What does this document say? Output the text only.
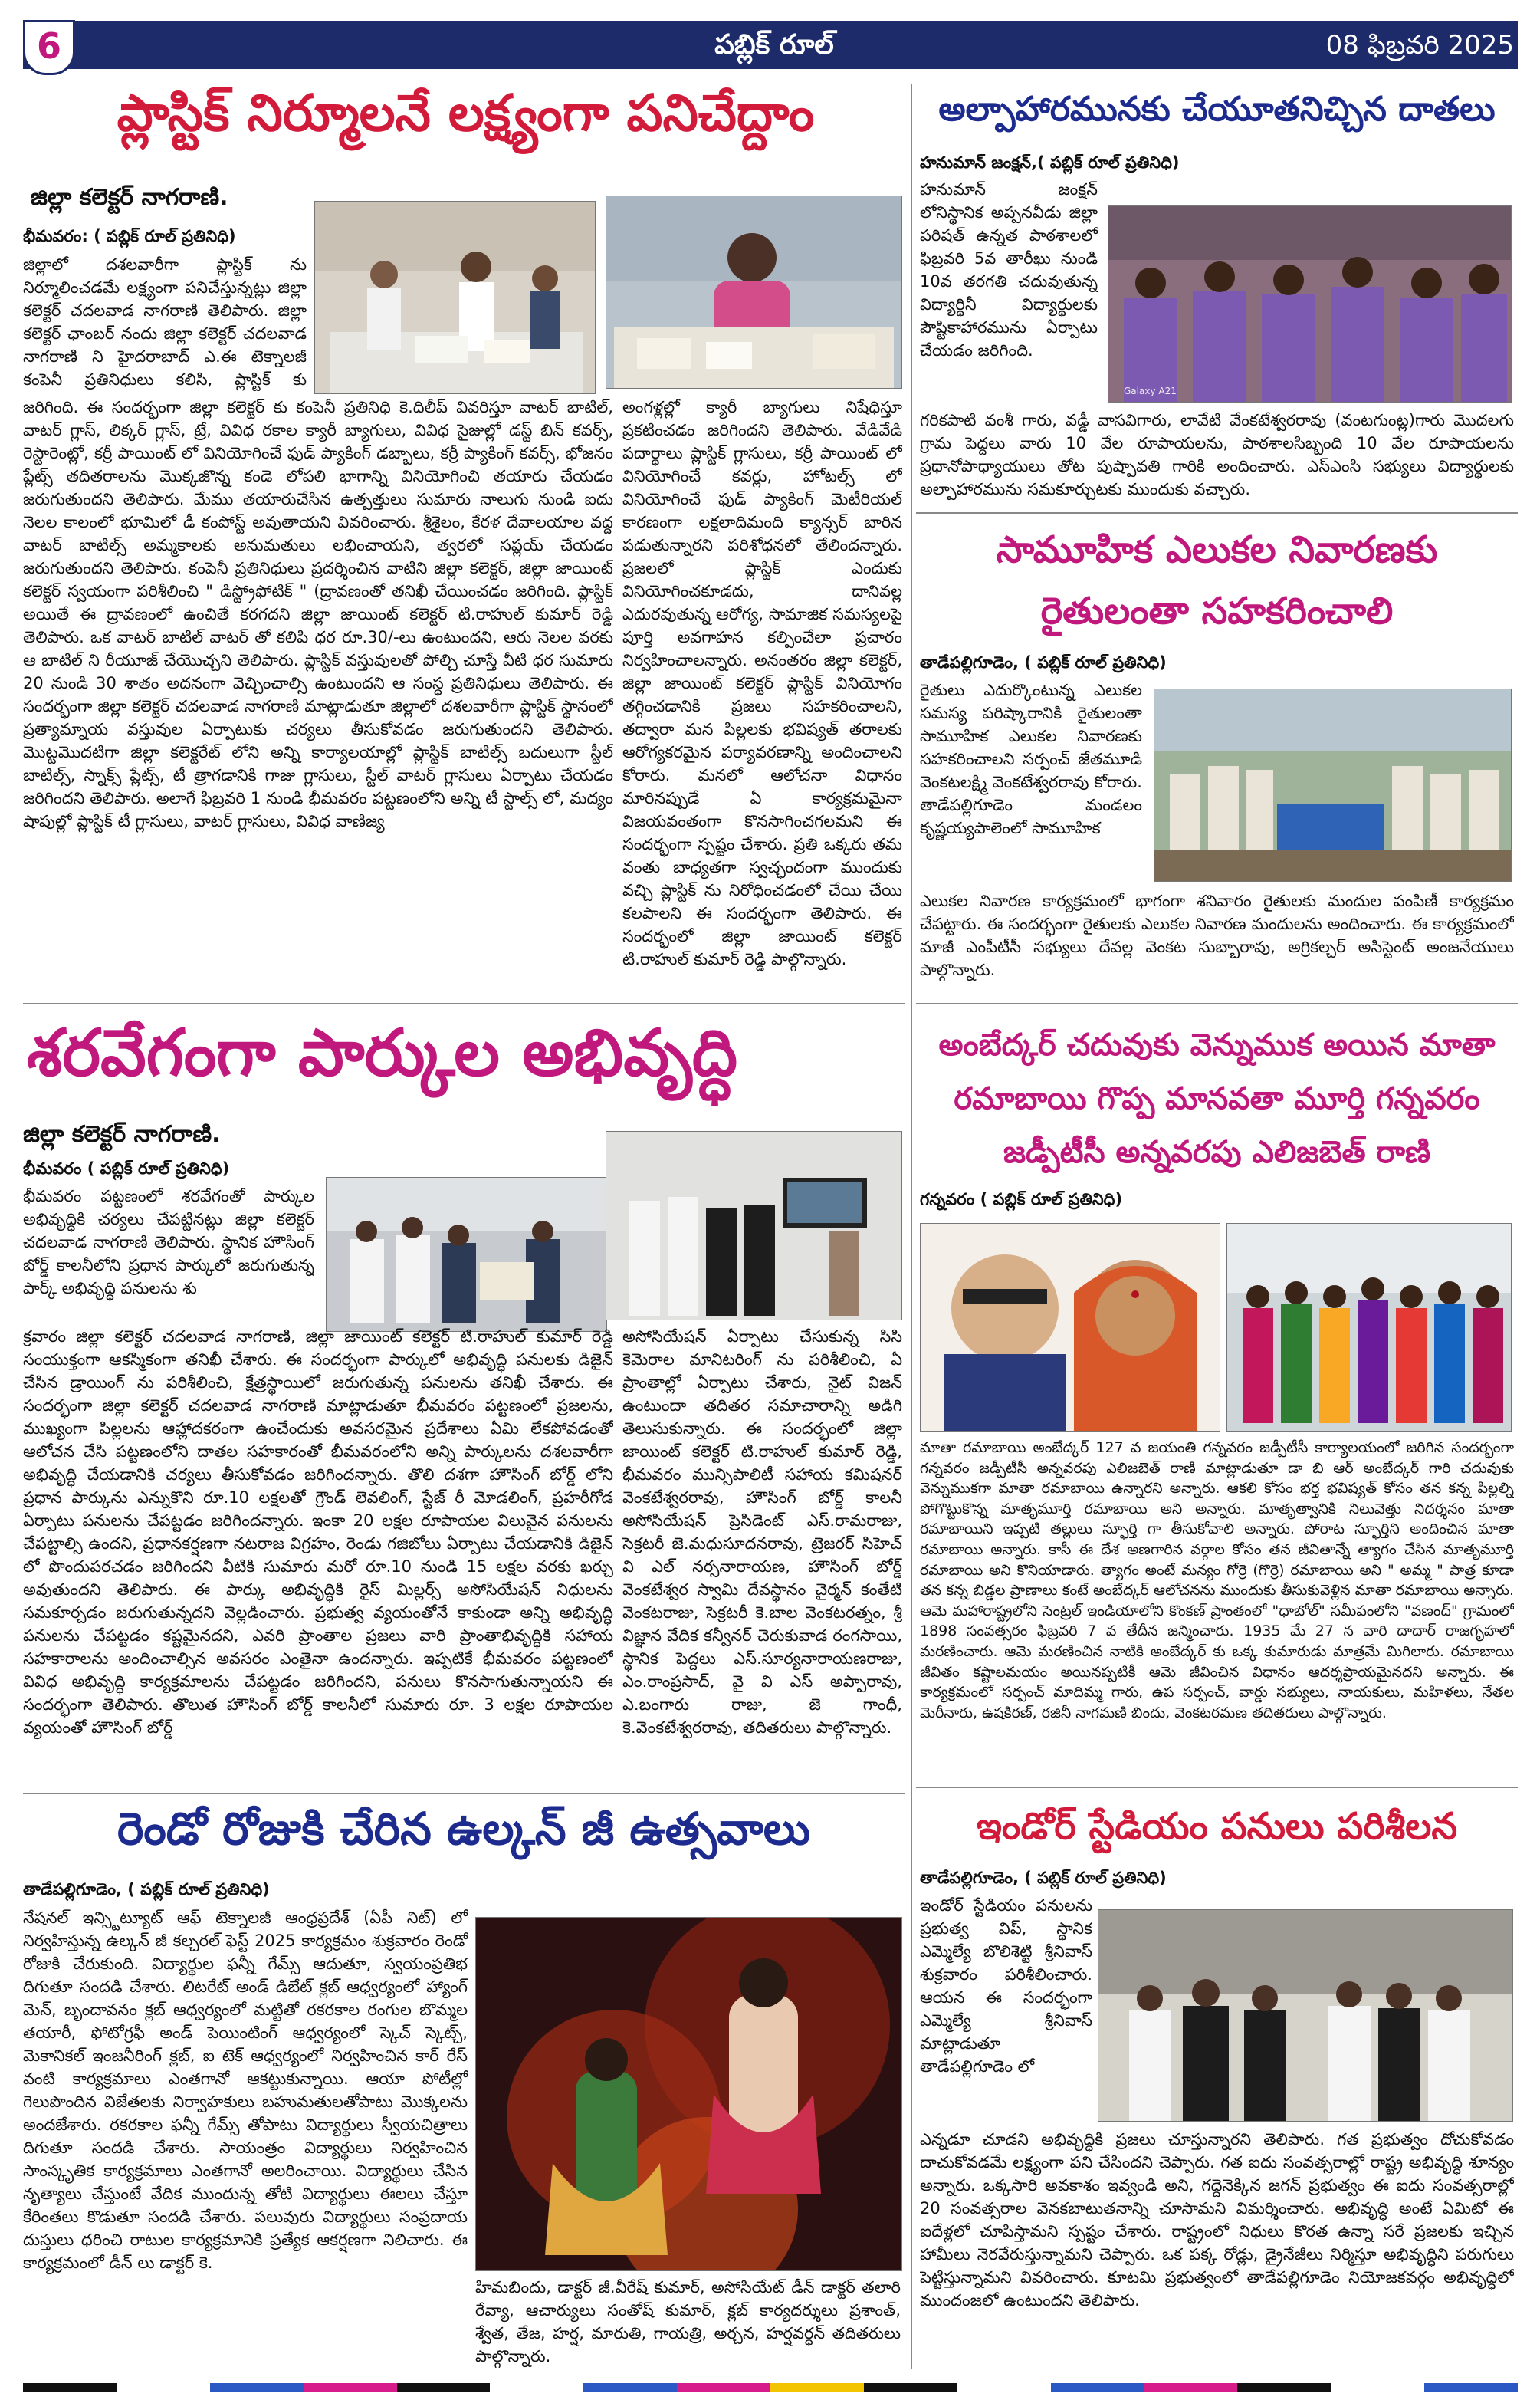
6	పబ్లిక్ రూల్	08 ఫిబ్రవరి 2025
ప్లాస్టిక్ నిర్మూలనే లక్ష్యంగా పనిచేద్దాం
జిల్లా కలెక్టర్ నాగరాణి.
భీమవరం: ( పబ్లిక్ రూల్ ప్రతినిధి)
జిల్లాలో దశలవారీగా ప్లాస్టిక్ ను నిర్మూలించడమే లక్ష్యంగా పనిచేస్తున్నట్లు జిల్లా కలెక్టర్ చదలవాడ నాగరాణి తెలిపారు. జిల్లా కలెక్టర్ ఛాంబర్ నందు జిల్లా కలెక్టర్ చదలవాడ నాగరాణి ని హైదరాబాద్ ఎ.ఈ టెక్నాలజీ కంపెనీ ప్రతినిధులు కలిసి, ప్లాస్టిక్ కు
జరిగింది. ఈ సందర్భంగా జిల్లా కలెక్టర్ కు కంపెనీ ప్రతినిధి కె.దిలీప్ వివరిస్తూ వాటర్ బాటిల్, వాటర్ గ్లాస్, లిక్కర్ గ్లాస్, ట్రే, వివిధ రకాల క్యారీ బ్యాగులు, వివిధ సైజుల్లో డస్ట్ బిన్ కవర్స్, రెస్టారెంట్లో, కర్రీ పాయింట్ లో వినియోగించే ఫుడ్ ప్యాకింగ్ డబ్బాలు, కర్రీ ప్యాకింగ్ కవర్స్, భోజనం ప్లేట్స్ తదితరాలను మొక్కజొన్న కండె లోపలి భాగాన్ని వినియోగించి తయారు చేయడం జరుగుతుందని తెలిపారు. మేము తయారుచేసిన ఉత్పత్తులు సుమారు నాలుగు నుండి ఐదు నెలల కాలంలో భూమిలో డీ కంపోస్ట్ అవుతాయని వివరించారు. శ్రీశైలం, కేరళ దేవాలయాల వద్ద వాటర్ బాటిల్స్ అమ్మకాలకు అనుమతులు లభించాయని, త్వరలో సప్లయ్ చేయడం జరుగుతుందని తెలిపారు. కంపెనీ ప్రతినిధులు ప్రదర్శించిన వాటిని జిల్లా కలెక్టర్, జిల్లా జాయింట్ కలెక్టర్ స్వయంగా పరిశీలించి " డిస్ట్రోఫోటిక్ " (ద్రావణంతో తనిఖీ చేయించడం జరిగింది. ప్లాస్టిక్ అయితే ఈ ద్రావణంలో ఉంచితే కరగదని జిల్లా జాయింట్ కలెక్టర్ టి.రాహుల్ కుమార్ రెడ్డి తెలిపారు. ఒక వాటర్ బాటిల్ వాటర్ తో కలిపి ధర రూ.30/-లు ఉంటుందని, ఆరు నెలల వరకు ఆ బాటిల్ ని రీయూజ్ చేయొచ్చని తెలిపారు. ప్లాస్టిక్ వస్తువులతో పోల్చి చూస్తే వీటి ధర సుమారు 20 నుండి 30 శాతం అదనంగా వెచ్చించాల్సి ఉంటుందని ఆ సంస్థ ప్రతినిధులు తెలిపారు. ఈ సందర్భంగా జిల్లా కలెక్టర్ చదలవాడ నాగరాణి మాట్లాడుతూ జిల్లాలో దశలవారీగా ప్లాస్టిక్ స్థానంలో ప్రత్యామ్నాయ వస్తువుల ఏర్పాటుకు చర్యలు తీసుకోవడం జరుగుతుందని తెలిపారు. మొట్టమొదటిగా జిల్లా కలెక్టరేట్ లోని అన్ని కార్యాలయాల్లో ప్లాస్టిక్ బాటిల్స్ బదులుగా స్టీల్ బాటిల్స్, స్నాక్స్ ప్లేట్స్, టీ త్రాగడానికి గాజు గ్లాసులు, స్టీల్ వాటర్ గ్లాసులు ఏర్పాటు చేయడం జరిగిందని తెలిపారు. అలాగే ఫిబ్రవరి 1 నుండి భీమవరం పట్టణంలోని అన్ని టీ స్టాల్స్ లో, మద్యం షాపుల్లో ప్లాస్టిక్ టీ గ్లాసులు, వాటర్ గ్లాసులు, వివిధ వాణిజ్య
అంగళ్లల్లో క్యారీ బ్యాగులు నిషేధిస్తూ ప్రకటించడం జరిగిందని తెలిపారు. వేడివేడి పదార్థాలు ప్లాస్టిక్ గ్లాసులు, కర్రీ పాయింట్ లో వినియోగించే కవర్లు, హోటల్స్ లో వినియోగించే ఫుడ్ ప్యాకింగ్ మెటీరియల్ కారణంగా లక్షలాదిమంది క్యాన్సర్ బారిన పడుతున్నారని పరిశోధనలో తేలిందన్నారు. ప్రజలలో ప్లాస్టిక్ ఎందుకు వినియోగించకూడదు, దానివల్ల ఎదురవుతున్న ఆరోగ్య, సామాజిక సమస్యలపై పూర్తి అవగాహన కల్పించేలా ప్రచారం నిర్వహించాలన్నారు. అనంతరం జిల్లా కలెక్టర్, జిల్లా జాయింట్ కలెక్టర్ ప్లాస్టిక్ వినియోగం తగ్గించడానికి ప్రజలు సహకరించాలని, తద్వారా మన పిల్లలకు భవిష్యత్ తరాలకు ఆరోగ్యకరమైన పర్యావరణాన్ని అందించాలని కోరారు. మనలో ఆలోచనా విధానం మారినప్పుడే ఏ కార్యక్రమమైనా విజయవంతంగా కొనసాగించగలమని ఈ సందర్భంగా స్పష్టం చేశారు. ప్రతి ఒక్కరు తమ వంతు బాధ్యతగా స్వచ్ఛందంగా ముందుకు వచ్చి ప్లాస్టిక్ ను నిరోధించడంలో చేయి చేయి కలపాలని ఈ సందర్భంగా తెలిపారు. ఈ సందర్భంలో జిల్లా జాయింట్ కలెక్టర్ టి.రాహుల్ కుమార్ రెడ్డి పాల్గొన్నారు.
అల్పాహారమునకు చేయూతనిచ్చిన దాతలు
హనుమాన్ జంక్షన్,( పబ్లిక్ రూల్ ప్రతినిధి)
హనుమాన్ జంక్షన్ లోనిస్థానిక అప్పనవీడు జిల్లా పరిషత్ ఉన్నత పాఠశాలలో ఫిబ్రవరి 5వ తారీఖు నుండి 10వ తరగతి చదువుతున్న విద్యార్థినీ విద్యార్థులకు పౌష్టికాహారమును ఏర్పాటు చేయడం జరిగింది.
Galaxy A21
గరికపాటి వంశీ గారు, వడ్డీ వాసవిగారు, లావేటి వేంకటేశ్వరరావు (వంటగుంట్ల)గారు మొదలగు గ్రామ పెద్దలు వారు 10 వేల రూపాయలను, పాఠశాలసిబ్బంది 10 వేల రూపాయలను ప్రధానోపాధ్యాయులు తోట పుష్పావతి గారికి అందించారు. ఎస్ఎంసి సభ్యులు విద్యార్థులకు అల్పాహారమును సమకూర్చుటకు ముందుకు వచ్చారు.
సామూహిక ఎలుకల నివారణకు
రైతులంతా సహకరించాలి
తాడేపల్లిగూడెం, ( పబ్లిక్ రూల్ ప్రతినిధి)
రైతులు ఎదుర్కొంటున్న ఎలుకల సమస్య పరిష్కారానికి రైతులంతా సామూహిక ఎలుకల నివారణకు సహకరించాలని సర్పంచ్ జేతమూడి వెంకటలక్ష్మి వెంకటేశ్వరరావు కోరారు. తాడేపల్లిగూడెం మండలం కృష్ణయ్యపాలెంలో సామూహిక
ఎలుకల నివారణ కార్యక్రమంలో భాగంగా శనివారం రైతులకు మందుల పంపిణీ కార్యక్రమం చేపట్టారు. ఈ సందర్భంగా రైతులకు ఎలుకల నివారణ మందులను అందించారు. ఈ కార్యక్రమంలో మాజీ ఎంపీటీసీ సభ్యులు దేవల్ల వెంకట సుబ్బారావు, అగ్రికల్చర్ అసిస్టెంట్ అంజనేయులు పాల్గొన్నారు.
శరవేగంగా పార్కుల అభివృద్ధి
జిల్లా కలెక్టర్ నాగరాణి.
భీమవరం ( పబ్లిక్ రూల్ ప్రతినిధి)
భీమవరం పట్టణంలో శరవేగంతో పార్కుల అభివృద్ధికి చర్యలు చేపట్టినట్లు జిల్లా కలెక్టర్ చదలవాడ నాగరాణి తెలిపారు. స్థానిక హౌసింగ్ బోర్డ్ కాలనీలోని ప్రధాన పార్కులో జరుగుతున్న పార్క్ అభివృద్ధి పనులను శు
క్రవారం జిల్లా కలెక్టర్ చదలవాడ నాగరాణి, జిల్లా జాయింట్ కలెక్టర్ టి.రాహుల్ కుమార్ రెడ్డి సంయుక్తంగా ఆకస్మికంగా తనిఖీ చేశారు. ఈ సందర్భంగా పార్కులో అభివృద్ధి పనులకు డిజైన్ చేసిన డ్రాయింగ్ ను పరిశీలించి, క్షేత్రస్థాయిలో జరుగుతున్న పనులను తనిఖీ చేశారు. ఈ సందర్భంగా జిల్లా కలెక్టర్ చదలవాడ నాగరాణి మాట్లాడుతూ భీమవరం పట్టణంలో ప్రజలను, ముఖ్యంగా పిల్లలను ఆహ్లాదకరంగా ఉంచేందుకు అవసరమైన ప్రదేశాలు ఏమి లేకపోవడంతో ఆలోచన చేసి పట్టణంలోని దాతల సహకారంతో భీమవరంలోని అన్ని పార్కులను దశలవారీగా అభివృద్ధి చేయడానికి చర్యలు తీసుకోవడం జరిగిందన్నారు. తొలి దశగా హౌసింగ్ బోర్డ్ లోని ప్రధాన పార్కును ఎన్నుకొని రూ.10 లక్షలతో గ్రౌండ్ లెవలింగ్, స్టేజ్ రీ మోడలింగ్, ప్రహరీగోడ ఏర్పాటు పనులను చేపట్టడం జరిగిందన్నారు. ఇంకా 20 లక్షల రూపాయల విలువైన పనులను చేపట్టాల్సి ఉందని, ప్రధానకర్షణగా నటరాజ విగ్రహం, రెండు గజిబోలు ఏర్పాటు చేయడానికి డిజైన్ లో పొందుపరచడం జరిగిందని వీటికి సుమారు మరో రూ.10 నుండి 15 లక్షల వరకు ఖర్చు అవుతుందని తెలిపారు. ఈ పార్కు అభివృద్ధికి రైస్ మిల్లర్స్ అసోసియేషన్ నిధులను సమకూర్చడం జరుగుతున్నదని వెల్లడించారు. ప్రభుత్వ వ్యయంతోనే కాకుండా అన్ని అభివృద్ధి పనులను చేపట్టడం కష్టమైనదని, ఎవరి ప్రాంతాల ప్రజలు వారి ప్రాంతాభివృద్ధికి సహాయ సహకారాలను అందించాల్సిన అవసరం ఎంతైనా ఉందన్నారు. ఇప్పటికే భీమవరం పట్టణంలో వివిధ అభివృద్ధి కార్యక్రమాలను చేపట్టడం జరిగిందని, పనులు కొనసాగుతున్నాయని ఈ సందర్భంగా తెలిపారు. తొలుత హౌసింగ్ బోర్డ్ కాలనీలో సుమారు రూ. 3 లక్షల రూపాయల వ్యయంతో హౌసింగ్ బోర్డ్
అసోసియేషన్ ఏర్పాటు చేసుకున్న సిసి కెమెరాల మానిటరింగ్ ను పరిశీలించి, ఏ ప్రాంతాల్లో ఏర్పాటు చేశారు, నైట్ విజన్ ఉంటుందా తదితర సమాచారాన్ని అడిగి తెలుసుకున్నారు. ఈ సందర్భంలో జిల్లా జాయింట్ కలెక్టర్ టి.రాహుల్ కుమార్ రెడ్డి, భీమవరం మున్సిపాలిటీ సహాయ కమిషనర్ వెంకటేశ్వరరావు, హౌసింగ్ బోర్డ్ కాలనీ అసోసియేషన్ ప్రెసిడెంట్ ఎస్.రామరాజు, సెక్రటరీ జె.మధుసూదనరావు, ట్రెజరర్ సిహెచ్ వి ఎల్ నర్సనారాయణ, హౌసింగ్ బోర్డ్ వెంకటేశ్వర స్వామి దేవస్థానం చైర్మన్ కంతేటి వెంకటరాజు, సెక్రటరీ కె.బాల వెంకటరత్నం, శ్రీ విజ్ఞాన వేదిక కన్వీనర్ చెరుకువాడ రంగసాయి, స్థానిక పెద్దలు ఎస్.సూర్యనారాయణరాజు, ఎం.రాంప్రసాద్, వై వి ఎస్ అప్పారావు, ఎ.బంగారు రాజు, జె గాంధీ, కె.వెంకటేశ్వరరావు, తదితరులు పాల్గొన్నారు.
అంబేద్కర్ చదువుకు వెన్నుముక అయిన మాతా
రమాబాయి గొప్ప మానవతా మూర్తి గన్నవరం
జడ్పీటీసీ అన్నవరపు ఎలిజబెత్ రాణి
గన్నవరం ( పబ్లిక్ రూల్ ప్రతినిధి)
మాతా రమాబాయి అంబేద్కర్ 127 వ జయంతి గన్నవరం జడ్పీటీసీ కార్యాలయంలో జరిగిన సందర్భంగా గన్నవరం జడ్పీటీసీ అన్నవరపు ఎలిజబెత్ రాణి మాట్లాడుతూ డా బి ఆర్ అంబేద్కర్ గారి చదువుకు వెన్నుముకగా మాతా రమాబాయి ఉన్నారని అన్నారు. ఆకలి కోసం భర్త భవిష్యత్ కోసం తన కన్న పిల్లల్ని పోగొట్టుకొన్న మాతృమూర్తి రమాబాయి అని అన్నారు. మాతృత్వానికి నిలువెత్తు నిదర్శనం మాతా రమాబాయిని ఇప్పటి తల్లులు స్ఫూర్తి గా తీసుకోవాలి అన్నారు. పోరాట స్ఫూర్తిని అందించిన మాతా రమాబాయి అన్నారు. కాసీ ఈ దేశ అణగారిన వర్గాల కోసం తన జీవితాన్నే త్యాగం చేసిన మాతృమూర్తి రమాబాయి అని కొనియాడారు. త్యాగం అంటే మన్యం గోర్రె (గొర్రె) రమాబాయి అని " అమ్మ " పాత్ర కూడా తన కన్న బిడ్డల ప్రాణాలు కంటే అంబేద్కర్ ఆలోచనను ముందుకు తీసుకువెళ్లిన మాతా రమాబాయి అన్నారు. ఆమె మహారాష్ట్రలోని సెంట్రల్ ఇండియాలోని కొంకణ్ ప్రాంతంలో "ధాబోల్" సమీపంలోని "వణంద్" గ్రామంలో 1898 సంవత్సరం ఫిబ్రవరి 7 వ తేదీన జన్మించారు. 1935 మే 27 న వారి దాదార్ రాజగృహలో మరణించారు. ఆమె మరణించిన నాటికి అంబేద్కర్ కు ఒక్క కుమారుడు మాత్రమే మిగిలారు. రమాబాయి జీవితం కష్టాలమయం అయినప్పటికీ ఆమె జీవించిన విధానం ఆదర్శప్రాయమైనదని అన్నారు. ఈ కార్యక్రమంలో సర్పంచ్ మాదిమ్మ గారు, ఉప సర్పంచ్, వార్డు సభ్యులు, నాయకులు, మహిళలు, నేతల మెరీనారు, ఉషకిరణ్, రజినీ నాగమణి బిందు, వెంకటరమణ తదితరులు పాల్గొన్నారు.
రెండో రోజుకి చేరిన ఉల్కన్ జీ ఉత్సవాలు
తాడేపల్లిగూడెం, ( పబ్లిక్ రూల్ ప్రతినిధి)
నేషనల్ ఇన్స్టిట్యూట్ ఆఫ్ టెక్నాలజీ ఆంధ్రప్రదేశ్ (ఏపీ నిట్) లో నిర్వహిస్తున్న ఉల్కన్ జీ కల్చరల్ ఫెస్ట్ 2025 కార్యక్రమం శుక్రవారం రెండో రోజుకి చేరుకుంది. విద్యార్థుల ఫన్నీ గేమ్స్ ఆదుతూ, స్వయంప్రతిభ దిగుతూ సందడి చేశారు. లిటరేట్ అండ్ డిబేట్ క్లబ్ ఆధ్వర్యంలో హ్యాంగ్ మెన్, బృందావనం క్లబ్ ఆధ్వర్యంలో మట్టితో రకరకాల రంగుల బొమ్మల తయారీ, ఫోటోగ్రఫీ అండ్ పెయింటింగ్ ఆధ్వర్యంలో స్కెచ్ స్కెట్చ్, మెకానికల్ ఇంజనీరింగ్ క్లబ్, ఐ టెక్ ఆధ్వర్యంలో నిర్వహించిన కార్ రేస్ వంటి కార్యక్రమాలు ఎంతగానో ఆకట్టుకున్నాయి. ఆయా పోటీల్లో గెలుపొందిన విజేతలకు నిర్వాహకులు బహుమతులతోపాటు మొక్కలను అందజేశారు. రకరకాల ఫన్నీ గేమ్స్ తోపాటు విద్యార్థులు స్వీయచిత్రాలు దిగుతూ సందడి చేశారు. సాయంత్రం విద్యార్థులు నిర్వహించిన సాంస్కృతిక కార్యక్రమాలు ఎంతగానో అలరించాయి. విద్యార్థులు చేసిన నృత్యాలు చేస్తుంటే వేదిక ముందున్న తోటి విద్యార్థులు ఈలలు చేస్తూ కేరింతలు కొడుతూ సందడి చేశారు. పలువురు విద్యార్థులు సంప్రదాయ దుస్తులు ధరించి రాటుల కార్యక్రమానికి ప్రత్యేక ఆకర్షణగా నిలిచారు. ఈ కార్యక్రమంలో డీన్ లు డాక్టర్ కె.
హిమబిందు, డాక్టర్ జీ.వీరేష్ కుమార్, అసోసియేట్ డీన్ డాక్టర్ తలారి రేవ్యా, ఆచార్యులు సంతోష్ కుమార్, క్లబ్ కార్యదర్శులు ప్రశాంత్, శ్వేత, తేజ, హర్ష, మారుతి, గాయత్రి, అర్చన, హర్షవర్ధన్ తదితరులు పాల్గొన్నారు.
ఇండోర్ స్టేడియం పనులు పరిశీలన
తాడేపల్లిగూడెం, ( పబ్లిక్ రూల్ ప్రతినిధి)
ఇండోర్ స్టేడియం పనులను ప్రభుత్వ విప్, స్థానిక ఎమ్మెల్యే బొలిశెట్టి శ్రీనివాస్ శుక్రవారం పరిశీలించారు. ఆయన ఈ సందర్భంగా ఎమ్మెల్యే శ్రీనివాస్ మాట్లాడుతూ తాడేపల్లిగూడెం లో
ఎన్నడూ చూడని అభివృద్ధికి ప్రజలు చూస్తున్నారని తెలిపారు. గత ప్రభుత్వం దోచుకోవడం దాచుకోవడమే లక్ష్యంగా పని చేసిందని చెప్పారు. గత ఐదు సంవత్సరాల్లో రాష్ట్ర అభివృద్ధి శూన్యం అన్నారు. ఒక్కసారి అవకాశం ఇవ్వండి అని, గద్దెనెక్కిన జగన్ ప్రభుత్వం ఈ ఐదు సంవత్సరాల్లో 20 సంవత్సరాల వెనకబాటుతనాన్ని చూసామని విమర్శించారు. అభివృద్ధి అంటే ఏమిటో ఈ ఐదేళ్లలో చూపిస్తామని స్పష్టం చేశారు. రాష్ట్రంలో నిధులు కొరత ఉన్నా సరే ప్రజలకు ఇచ్చిన హామీలు నెరవేరుస్తున్నామని చెప్పారు. ఒక పక్క రోడ్లు, డ్రైనేజీలు నిర్మిస్తూ అభివృద్ధిని పరుగులు పెట్టిస్తున్నామని వివరించారు. కూటమి ప్రభుత్వంలో తాడేపల్లిగూడెం నియోజకవర్గం అభివృద్ధిలో ముందంజలో ఉంటుందని తెలిపారు.
